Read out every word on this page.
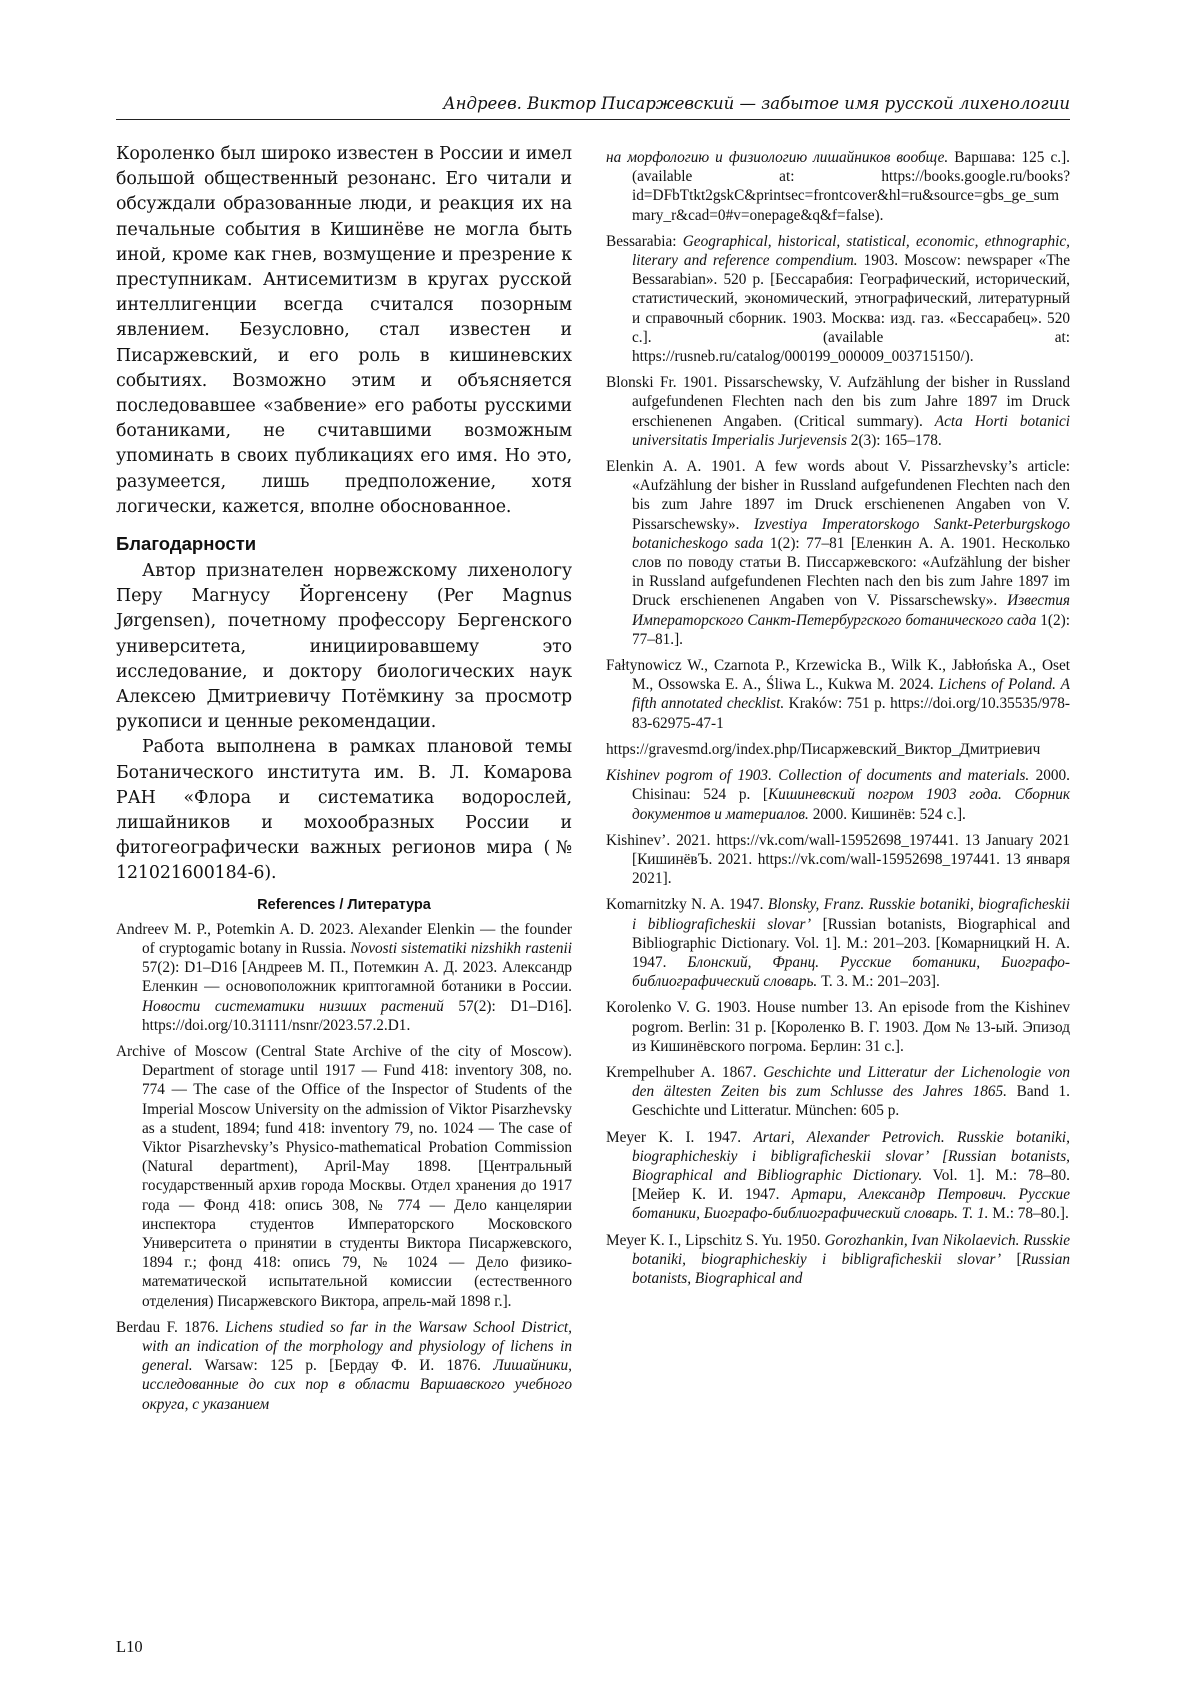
Андреев. Виктор Писаржевский — забытое имя русской лихенологии

Короленко был широко известен в России и имел большой общественный резонанс. Его читали и обсуждали образованные люди, и реакция их на печальные события в Кишинёве не могла быть иной, кроме как гнев, возмущение и презрение к преступникам. Антисемитизм в кругах русской интеллигенции всегда считался позорным явлением. Безусловно, стал известен и Писаржевский, и его роль в кишиневских событиях. Возможно этим и объясняется последовавшее «забвение» его работы русскими ботаниками, не считавшими возможным упоминать в своих публикациях его имя. Но это, разумеется, лишь предположение, хотя логически, кажется, вполне обоснованное.

Благодарности

Автор признателен норвежскому лихенологу Перу Магнусу Йоргенсену (Per Magnus Jørgensen), почетному профессору Бергенского университета, инициировавшему это исследование, и доктору биологических наук Алексею Дмитриевичу Потёмкину за просмотр рукописи и ценные рекомендации.

Работа выполнена в рамках плановой темы Ботанического института им. В. Л. Комарова РАН «Флора и систематика водорослей, лишайников и мохообразных России и фитогеографически важных регионов мира (№ 121021600184-6).

References / Литература

Andreev M. P., Potemkin A. D. 2023. Alexander Elenkin — the founder of cryptogamic botany in Russia. Novosti sistematiki nizshikh rastenii 57(2): D1–D16 [Андреев М. П., Потемкин А. Д. 2023. Александр Еленкин — основоположник криптогамной ботаники в России. Новости систематики низших растений 57(2): D1–D16]. https://doi.org/10.31111/nsnr/2023.57.2.D1.

Archive of Moscow (Central State Archive of the city of Moscow). Department of storage until 1917 — Fund 418: inventory 308, no. 774 — The case of the Office of the Inspector of Students of the Imperial Moscow University on the admission of Viktor Pisarzhevsky as a student, 1894; fund 418: inventory 79, no. 1024 — The case of Viktor Pisarzhevsky’s Physico-mathematical Probation Commission (Natural department), April-May 1898. [Центральный государственный архив города Москвы. Отдел хранения до 1917 года — Фонд 418: опись 308, № 774 — Дело канцелярии инспектора студентов Императорского Московского Университета о принятии в студенты Виктора Писаржевского, 1894 г.; фонд 418: опись 79, № 1024 — Дело физико-математической испытательной комиссии (естественного отделения) Писаржевского Виктора, апрель-май 1898 г.].

Berdau F. 1876. Lichens studied so far in the Warsaw School District, with an indication of the morphology and physiology of lichens in general. Warsaw: 125 p. [Бердау Ф. И. 1876. Лишайники, исследованные до сих пор в области Варшавского учебного округа, с указанием

на морфологию и физиологию лишайников вообще. Варшава: 125 с.]. (available at: https://books.google.ru/books?id=DFbTtkt2gskC&printsec=frontcover&hl=ru&source=gbs_ge_summary_r&cad=0#v=onepage&q&f=false).

Bessarabia: Geographical, historical, statistical, economic, ethnographic, literary and reference compendium. 1903. Moscow: newspaper «The Bessarabian». 520 p. [Бессарабия: Географический, исторический, статистический, экономический, этнографический, литературный и справочный сборник. 1903. Москва: изд. газ. «Бессарабец». 520 с.]. (available at: https://rusneb.ru/catalog/000199_000009_003715150/).

Blonski Fr. 1901. Pissarschewsky, V. Aufzählung der bisher in Russland aufgefundenen Flechten nach den bis zum Jahre 1897 im Druck erschienenen Angaben. (Critical summary). Acta Horti botanici universitatis Imperialis Jurjevensis 2(3): 165–178.

Elenkin A. A. 1901. A few words about V. Pissarzhevsky’s article: «Aufzählung der bisher in Russland aufgefundenen Flechten nach den bis zum Jahre 1897 im Druck erschienenen Angaben von V. Pissarschewsky». Izvestiya Imperatorskogo Sankt-Peterburgskogo botanicheskogo sada 1(2): 77–81 [Еленкин А. А. 1901. Несколько слов по поводу статьи В. Писсаржевского: «Aufzählung der bisher in Russland aufgefundenen Flechten nach den bis zum Jahre 1897 im Druck erschienenen Angaben von V. Pissarschewsky». Известия Императорского Санкт-Петербургского ботанического сада 1(2): 77–81.].

Fałtynowicz W., Czarnota P., Krzewicka B., Wilk K., Jabłońska A., Oset M., Ossowska E. A., Śliwa L., Kukwa M. 2024. Lichens of Poland. A fifth annotated checklist. Kraków: 751 p. https://doi.org/10.35535/978-83-62975-47-1

https://gravesmd.org/index.php/Писаржевский_Виктор_Дмитриевич

Kishinev pogrom of 1903. Collection of documents and materials. 2000. Chisinau: 524 p. [Кишиневский погром 1903 года. Сборник документов и материалов. 2000. Кишинёв: 524 с.].

Kishinev’. 2021. https://vk.com/wall-15952698_197441. 13 January 2021 [КишинёвЪ. 2021. https://vk.com/wall-15952698_197441. 13 января 2021].

Komarnitzky N. A. 1947. Blonsky, Franz. Russkie botaniki, biograficheskii i bibliograficheskii slovar’ [Russian botanists, Biographical and Bibliographic Dictionary. Vol. 1]. M.: 201–203. [Комарницкий Н. А. 1947. Блонский, Франц. Русские ботаники, Биографо-библиографический словарь. Т. 3. М.: 201–203].

Korolenko V. G. 1903. House number 13. An episode from the Kishinev pogrom. Berlin: 31 p. [Короленко В. Г. 1903. Дом № 13-ый. Эпизод из Кишинёвского погрома. Берлин: 31 с.].

Krempelhuber A. 1867. Geschichte und Litteratur der Lichenologie von den ältesten Zeiten bis zum Schlusse des Jahres 1865. Band 1. Geschichte und Litteratur. München: 605 p.

Meyer K. I. 1947. Artari, Alexander Petrovich. Russkie botaniki, biographicheskiy i bibligraficheskii slovar’ [Russian botanists, Biographical and Bibliographic Dictionary. Vol. 1]. M.: 78–80. [Мейер К. И. 1947. Артари, Александр Петрович. Русские ботаники, Биографо-библиографический словарь. Т. 1. М.: 78–80.].

Meyer K. I., Lipschitz S. Yu. 1950. Gorozhankin, Ivan Nikolaevich. Russkie botaniki, biographicheskiy i bibligraficheskii slovar’ [Russian botanists, Biographical and

L10
